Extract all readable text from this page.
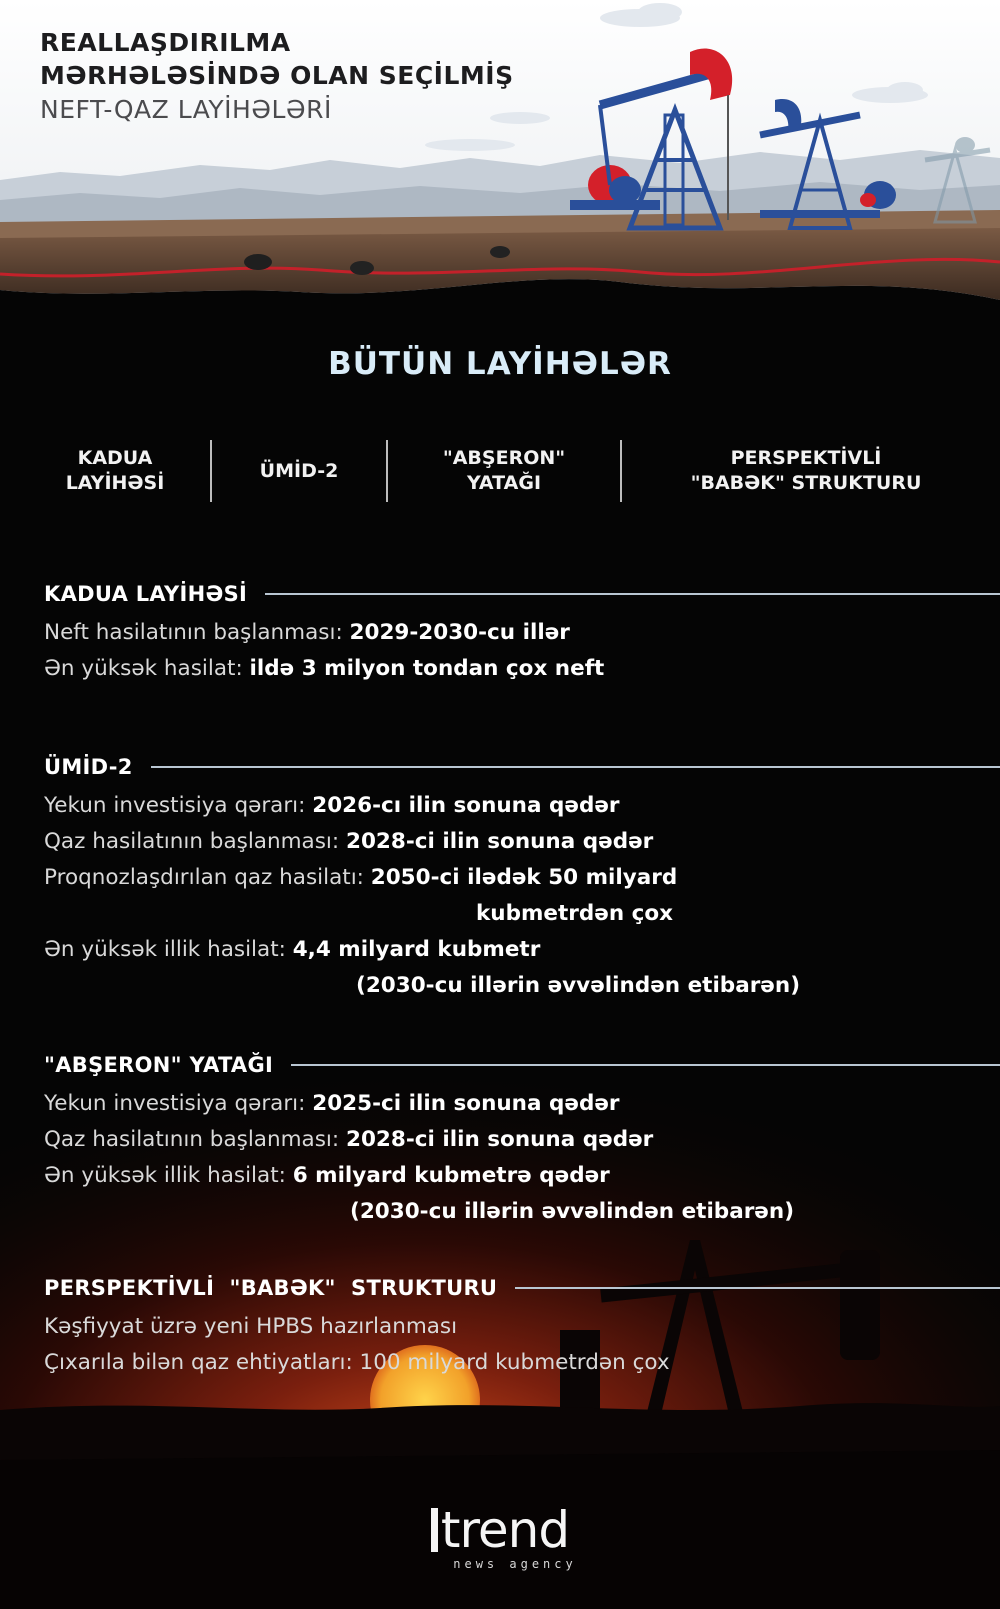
REALLAŞDIRILMA
MƏRHƏLƏSİNDƏ OLAN SEÇİLMİŞ
NEFT-QAZ LAYİHƏLƏRİ
BÜTÜN LAYİHƏLƏR
KADUA
LAYİHƏSİ
ÜMİD-2
"ABŞERON"
YATAĞI
PERSPEKTİVLİ
"BABƏK" STRUKTURU
KADUA LAYİHƏSİ
Neft hasilatının başlanması: 2029-2030-cu illər
Ən yüksək hasilat: ildə 3 milyon tondan çox neft
ÜMİD-2
Yekun investisiya qərarı: 2026-cı ilin sonuna qədər
Qaz hasilatının başlanması: 2028-ci ilin sonuna qədər
Proqnozlaşdırılan qaz hasilatı: 2050-ci ilədək 50 milyard
kubmetrdən çox
Ən yüksək illik hasilat: 4,4 milyard kubmetr
(2030-cu illərin əvvəlindən etibarən)
"ABŞERON" YATAĞI
Yekun investisiya qərarı: 2025-ci ilin sonuna qədər
Qaz hasilatının başlanması: 2028-ci ilin sonuna qədər
Ən yüksək illik hasilat: 6 milyard kubmetrə qədər
(2030-cu illərin əvvəlindən etibarən)
PERSPEKTİVLİ  "BABƏK"  STRUKTURU
Kəşfiyyat üzrə yeni HPBS hazırlanması
Çıxarıla bilən qaz ehtiyatları: 100 milyard kubmetrdən çox
trend
news agency
